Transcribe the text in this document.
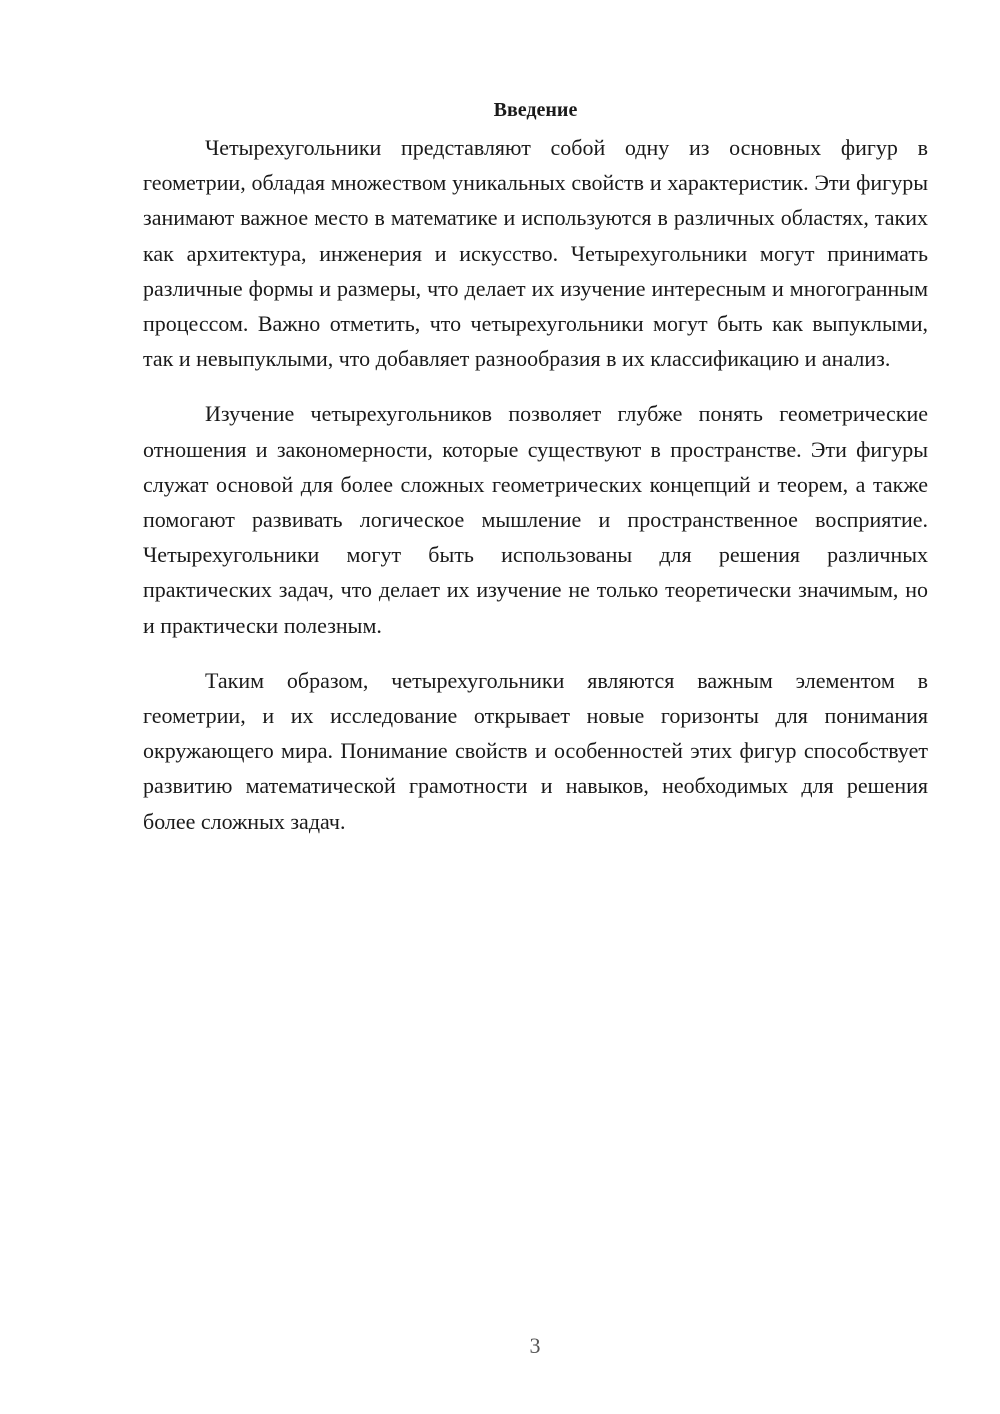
Введение

Четырехугольники представляют собой одну из основных фигур в геометрии, обладая множеством уникальных свойств и характеристик. Эти фигуры занимают важное место в математике и используются в различных областях, таких как архитектура, инженерия и искусство. Четырехугольники могут принимать различные формы и размеры, что делает их изучение интересным и многогранным процессом. Важно отметить, что четырехугольники могут быть как выпуклыми, так и невыпуклыми, что добавляет разнообразия в их классификацию и анализ.

Изучение четырехугольников позволяет глубже понять геометрические отношения и закономерности, которые существуют в пространстве. Эти фигуры служат основой для более сложных геометрических концепций и теорем, а также помогают развивать логическое мышление и пространственное восприятие. Четырехугольники могут быть использованы для решения различных практических задач, что делает их изучение не только теоретически значимым, но и практически полезным.

Таким образом, четырехугольники являются важным элементом в геометрии, и их исследование открывает новые горизонты для понимания окружающего мира. Понимание свойств и особенностей этих фигур способствует развитию математической грамотности и навыков, необходимых для решения более сложных задач.

3
